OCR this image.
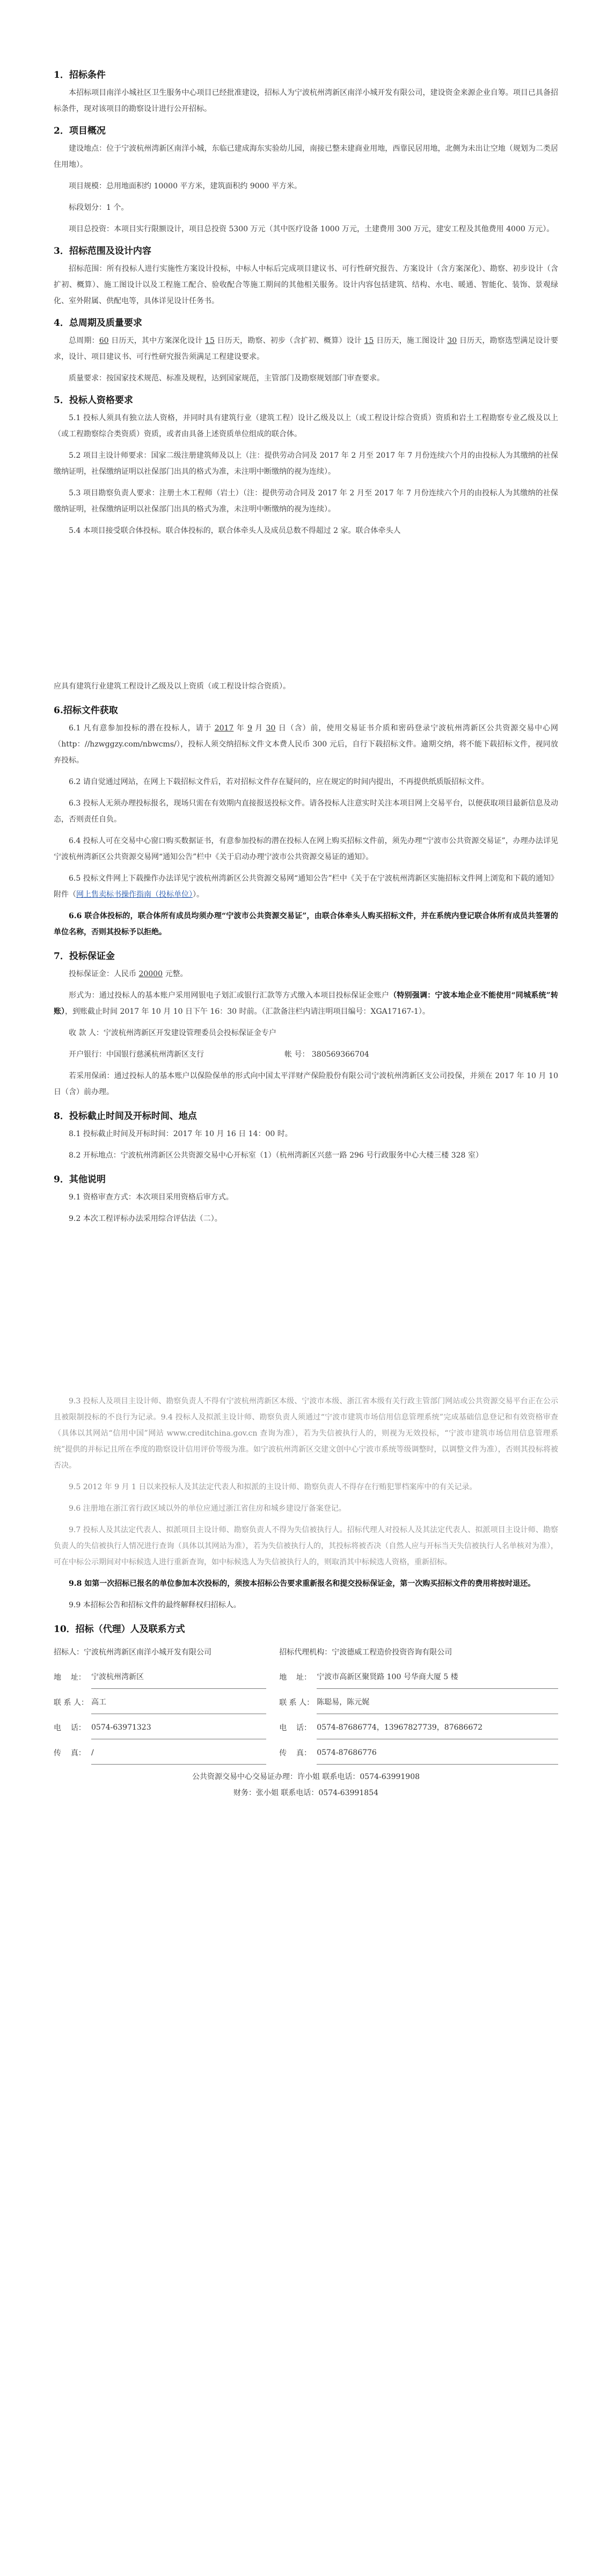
1．招标条件
本招标项目南洋小城社区卫生服务中心项目已经批准建设，招标人为宁波杭州湾新区南洋小城开发有限公司，建设资金来源企业自筹。项目已具备招标条件，现对该项目的勘察设计进行公开招标。
2．项目概况
建设地点：位于宁波杭州湾新区南洋小城，东临已建成海东实验幼儿园，南接已整未建商业用地，西靠民居用地，北侧为未出让空地（规划为二类居住用地）。
项目规模：总用地面积约 10000 平方米，建筑面积约 9000 平方米。
标段划分：1 个。
项目总投资：本项目实行限额设计，项目总投资 5300 万元（其中医疗设备 1000 万元，土建费用 300 万元，建安工程及其他费用 4000 万元）。
3．招标范围及设计内容
招标范围：所有投标人进行实施性方案设计投标，中标人中标后完成项目建议书、可行性研究报告、方案设计（含方案深化）、勘察、初步设计（含扩初、概算）、施工图设计以及工程施工配合、验收配合等施工期间的其他相关服务。设计内容包括建筑、结构、水电、暖通、智能化、装饰、景观绿化、室外附属、供配电等，具体详见设计任务书。
4．总周期及质量要求
总周期：60 日历天，其中方案深化设计 15 日历天，勘察、初步（含扩初、概算）设计 15 日历天，施工图设计 30 日历天，勘察选型满足设计要求，设计、项目建议书、可行性研究报告须满足工程建设要求。
质量要求：按国家技术规范、标准及规程，达到国家规范，主管部门及勘察规划部门审查要求。
5．投标人资格要求
5.1 投标人须具有独立法人资格，并同时具有建筑行业（建筑工程）设计乙级及以上（或工程设计综合资质）资质和岩土工程勘察专业乙级及以上（或工程勘察综合类资质）资质，或者由具备上述资质单位组成的联合体。
5.2 项目主设计师要求：国家二级注册建筑师及以上（注：提供劳动合同及 2017 年 2 月至 2017 年 7 月份连续六个月的由投标人为其缴纳的社保缴纳证明，社保缴纳证明以社保部门出具的格式为准，未注明中断缴纳的视为连续）。
5.3 项目勘察负责人要求：注册土木工程师（岩土）（注：提供劳动合同及 2017 年 2 月至 2017 年 7 月份连续六个月的由投标人为其缴纳的社保缴纳证明，社保缴纳证明以社保部门出具的格式为准，未注明中断缴纳的视为连续）。
5.4 本项目接受联合体投标。联合体投标的，联合体牵头人及成员总数不得超过 2 家。联合体牵头人
应具有建筑行业建筑工程设计乙级及以上资质（或工程设计综合资质）。
6.招标文件获取
6.1 凡有意参加投标的潜在投标人，请于 2017 年 9 月 30 日（含）前，使用交易证书介质和密码登录宁波杭州湾新区公共资源交易中心网（http：//hzwggzy.com/nbwcms/），投标人须交纳招标文件文本费人民币 300 元后，自行下载招标文件。逾期交纳，将不能下载招标文件，视同放弃投标。
6.2 请自觉通过网站，在网上下载招标文件后，若对招标文件存在疑问的，应在规定的时间内提出，不再提供纸质版招标文件。
6.3 投标人无须办理投标报名，现场只需在有效期内直接报送投标文件。请各投标人注意实时关注本项目网上交易平台，以便获取项目最新信息及动态，否则责任自负。
6.4 投标人可在交易中心窗口购买数据证书，有意参加投标的潜在投标人在网上购买招标文件前，须先办理“宁波市公共资源交易证”，办理办法详见宁波杭州湾新区公共资源交易网“通知公告”栏中《关于启动办理宁波市公共资源交易证的通知》。
6.5 投标文件网上下载操作办法详见宁波杭州湾新区公共资源交易网“通知公告”栏中《关于在宁波杭州湾新区实施招标文件网上浏览和下载的通知》附件（网上售卖标书操作指南（投标单位））。
6.6 联合体投标的，联合体所有成员均须办理“宁波市公共资源交易证”，由联合体牵头人购买招标文件，并在系统内登记联合体所有成员共签署的单位名称，否则其投标予以拒绝。
7．投标保证金
投标保证金：人民币 20000 元整。
形式为：通过投标人的基本账户采用网银电子划汇或银行汇款等方式缴入本项目投标保证金账户（特别强调：宁波本地企业不能使用“同城系统”转账），到账截止时间 2017 年 10 月 10 日下午 16：30 时前。（汇款备注栏内请注明项目编号：XGA17167-1）。
收 款 人：宁波杭州湾新区开发建设管理委员会投标保证金专户
开户银行：中国银行慈溪杭州湾新区支行	帐 号： 380569366704
若采用保函：通过投标人的基本账户以保险保单的形式向中国太平洋财产保险股份有限公司宁波杭州湾新区支公司投保，并须在 2017 年 10 月 10 日（含）前办理。
8．投标截止时间及开标时间、地点
8.1 投标截止时间及开标时间：2017 年 10 月 16 日 14：00 时。
8.2 开标地点：宁波杭州湾新区公共资源交易中心开标室（1）（杭州湾新区兴慈一路 296 号行政服务中心大楼三楼 328 室）
9．其他说明
9.1 资格审查方式：本次项目采用资格后审方式。
9.2 本次工程评标办法采用综合评估法（二）。
9.3 投标人及项目主设计师、勘察负责人不得有宁波杭州湾新区本级、宁波市本级、浙江省本级有关行政主管部门网站或公共资源交易平台正在公示且被限制投标的不良行为记录。9.4 投标人及拟派主设计师、勘察负责人须通过“宁波市建筑市场信用信息管理系统”完成基础信息登记和有效资格审查（具体以其网站“信用中国”网站 www.creditchina.gov.cn 查询为准），若为失信被执行人的，则视为无效投标，“宁波市建筑市场信用信息管理系统”提供的并标记且所在季度的勘察设计信用评价等级为准。如宁波杭州湾新区交建文创中心宁波市系统等级调整时，以调整文件为准），否则其投标将被否决。
9.5 2012 年 9 月 1 日以来投标人及其法定代表人和拟派的主设计师、勘察负责人不得存在行贿犯罪档案库中的有关记录。
9.6 注册地在浙江省行政区域以外的单位应通过浙江省住房和城乡建设厅备案登记。
9.7 投标人及其法定代表人、拟派项目主设计师、勘察负责人不得为失信被执行人。招标代理人对投标人及其法定代表人、拟派项目主设计师、勘察负责人的失信被执行人情况进行查询（具体以其网站为准），若为失信被执行人的，其投标将被否决（自然人应与开标当天失信被执行人名单核对为准），可在中标公示期间对中标候选人进行重新查询，如中标候选人为失信被执行人的，则取消其中标候选人资格，重新招标。
9.8 如第一次招标已报名的单位参加本次投标的，须按本招标公告要求重新报名和提交投标保证金，第一次购买招标文件的费用将按时退还。
9.9 本招标公告和招标文件的最终解释权归招标人。
10．招标（代理）人及联系方式
招标人：宁波杭州湾新区南洋小城开发有限公司			招标代理机构：宁波德威工程造价投资咨询有限公司	
地 址：	宁波杭州湾新区		地 址：	宁波市高新区聚贤路 100 号华商大厦 5 楼
联 系 人：	高工		联 系 人：	陈聪易，陈元娓
电 话：	0574-63971323		电 话：	0574-87686774，13967827739，87686672
传 真：	/		传 真：	0574-87686776
公共资源交易中心交易证办理：许小姐 联系电话：0574-63991908
财务：张小姐 联系电话：0574-63991854
